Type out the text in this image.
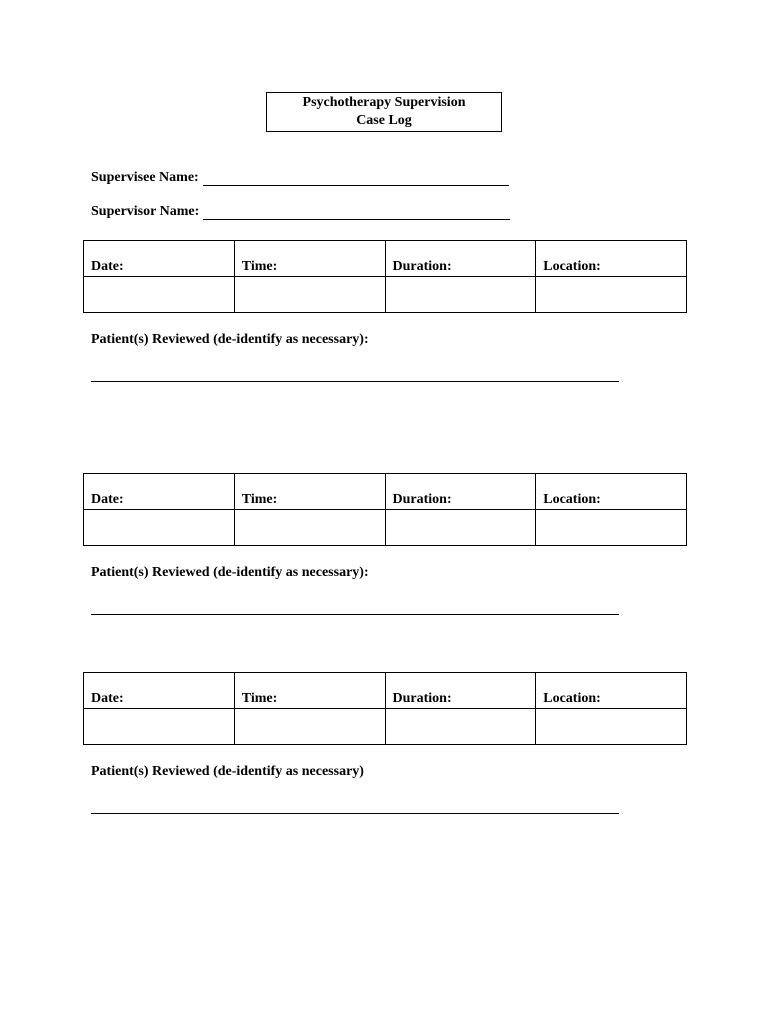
Psychotherapy Supervision
Case Log
Supervisee Name:
Supervisor Name:
Date:	Time:	Duration:	Location:

Patient(s) Reviewed (de-identify as necessary):
Date:	Time:	Duration:	Location:

Patient(s) Reviewed (de-identify as necessary):
Date:	Time:	Duration:	Location:

Patient(s) Reviewed (de-identify as necessary)
